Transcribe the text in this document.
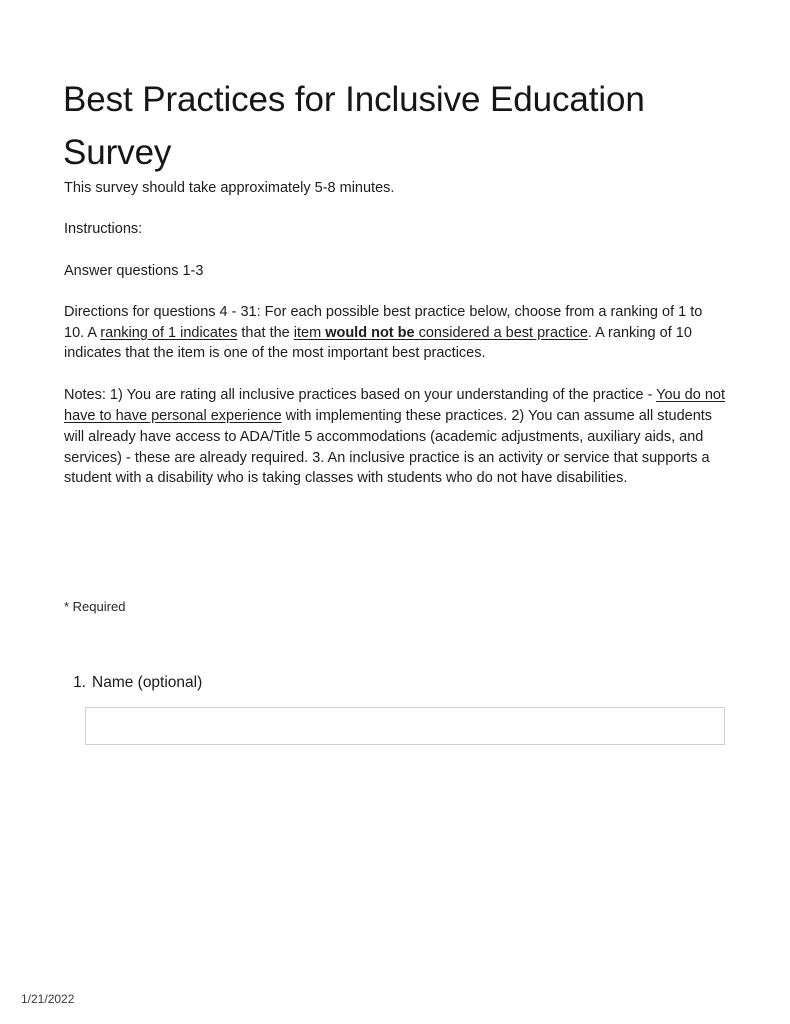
Best Practices for Inclusive Education Survey

This survey should take approximately 5-8 minutes.

Instructions:

Answer questions 1-3

Directions for questions 4 - 31: For each possible best practice below, choose from a ranking of 1 to 10. A ranking of 1 indicates that the item would not be considered a best practice. A ranking of 10 indicates that the item is one of the most important best practices.

Notes: 1) You are rating all inclusive practices based on your understanding of the practice - You do not have to have personal experience with implementing these practices. 2) You can assume all students will already have access to ADA/Title 5 accommodations (academic adjustments, auxiliary aids, and services) - these are already required. 3. An inclusive practice is an activity or service that supports a student with a disability who is taking classes with students who do not have disabilities.

* Required
1. Name (optional)
1/21/2022
